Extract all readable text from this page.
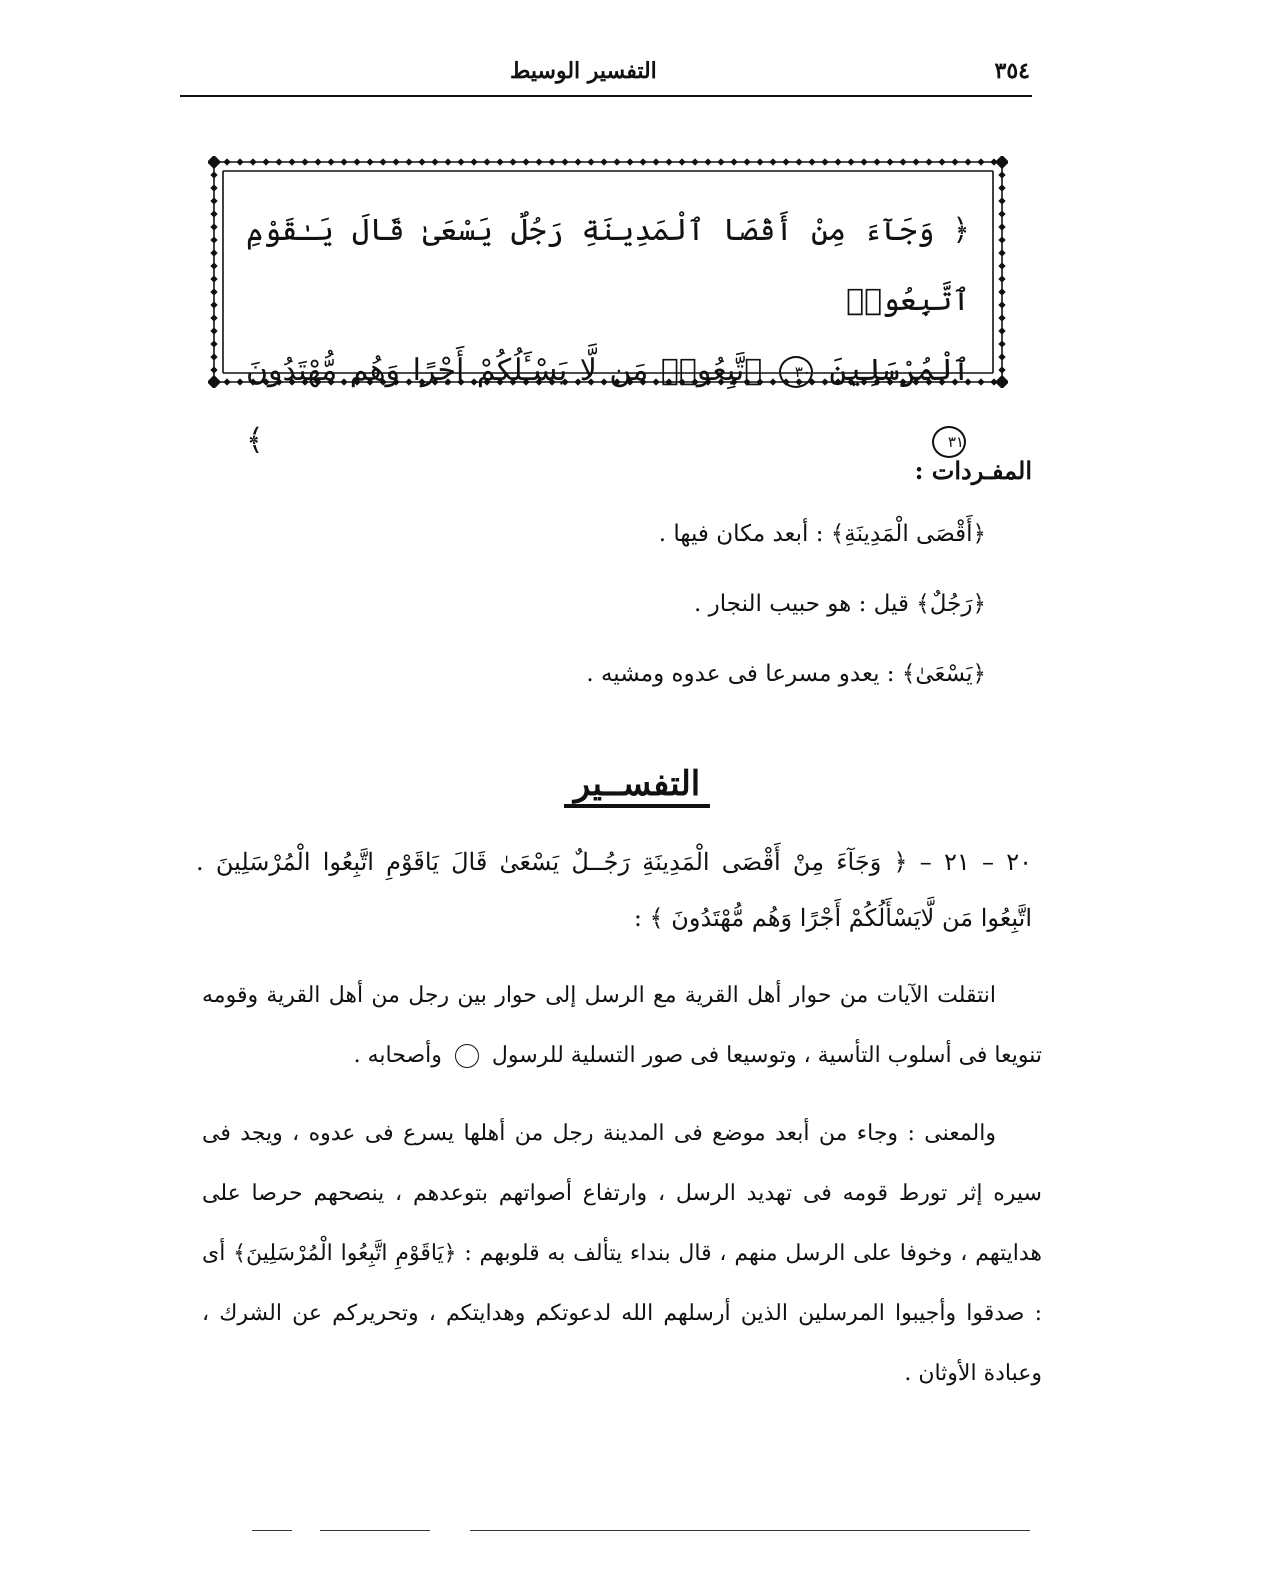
٣٥٤
التفسير الوسيط
﴿ وَجَآءَ مِنْ أَقْصَا ٱلْمَدِينَةِ رَجُلٌ يَسْعَىٰ قَالَ يَـٰقَوْمِ ٱتَّبِعُوا۟
ٱلْمُرْسَلِينَ ٣٠ ٱتَّبِعُوا۟ مَن لَّا يَسْـَٔلُكُمْ أَجْرًا وَهُم مُّهْتَدُونَ ٣١ ﴾
المفـردات :
﴿أَقْصَى الْمَدِينَةِ﴾ : أبعد مكان فيها .
﴿رَجُلٌ﴾ قيل : هو حبيب النجار .
﴿يَسْعَىٰ﴾ : يعدو مسرعا فى عدوه ومشيه .
التفســير
٢٠ – ٢١ – ﴿ وَجَآءَ مِنْ أَقْصَى الْمَدِينَةِ رَجُــلٌ يَسْعَىٰ قَالَ يَاقَوْمِ اتَّبِعُوا الْمُرْسَلِينَ .
اتَّبِعُوا مَن لَّايَسْأَلُكُمْ أَجْرًا وَهُم مُّهْتَدُونَ ﴾ :
انتقلت الآيات من حوار أهل القرية مع الرسل إلى حوار بين رجل من أهل القرية وقومه تنويعا فى أسلوب التأسية ، وتوسيعا فى صور التسلية للرسول  وأصحابه .
والمعنى : وجاء من أبعد موضع فى المدينة رجل من أهلها يسرع فى عدوه ، ويجد فى سيره إثر تورط قومه فى تهديد الرسل ، وارتفاع أصواتهم بتوعدهم ، ينصحهم حرصا على هدايتهم ، وخوفا على الرسل منهم ، قال بنداء يتألف به قلوبهم : ﴿يَاقَوْمِ اتَّبِعُوا الْمُرْسَلِينَ﴾ أى : صدقوا وأجيبوا المرسلين الذين أرسلهم الله لدعوتكم وهدايتكم ، وتحريركم عن الشرك ، وعبادة الأوثان .
